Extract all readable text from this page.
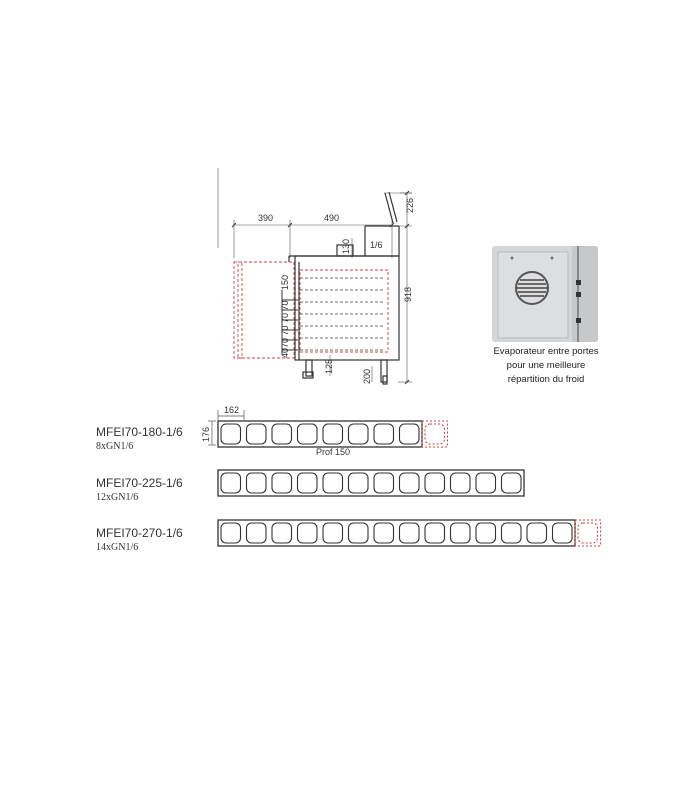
390	490
226
130 1/6
918
150
70 70 70 70
40
125
200
Evaporateur entre portes
pour une meilleure
répartition du froid
MFEI70-180-1/6
8xGN1/6
MFEI70-225-1/6
12xGN1/6
MFEI70-270-1/6
14xGN1/6
162
176
Prof 150
